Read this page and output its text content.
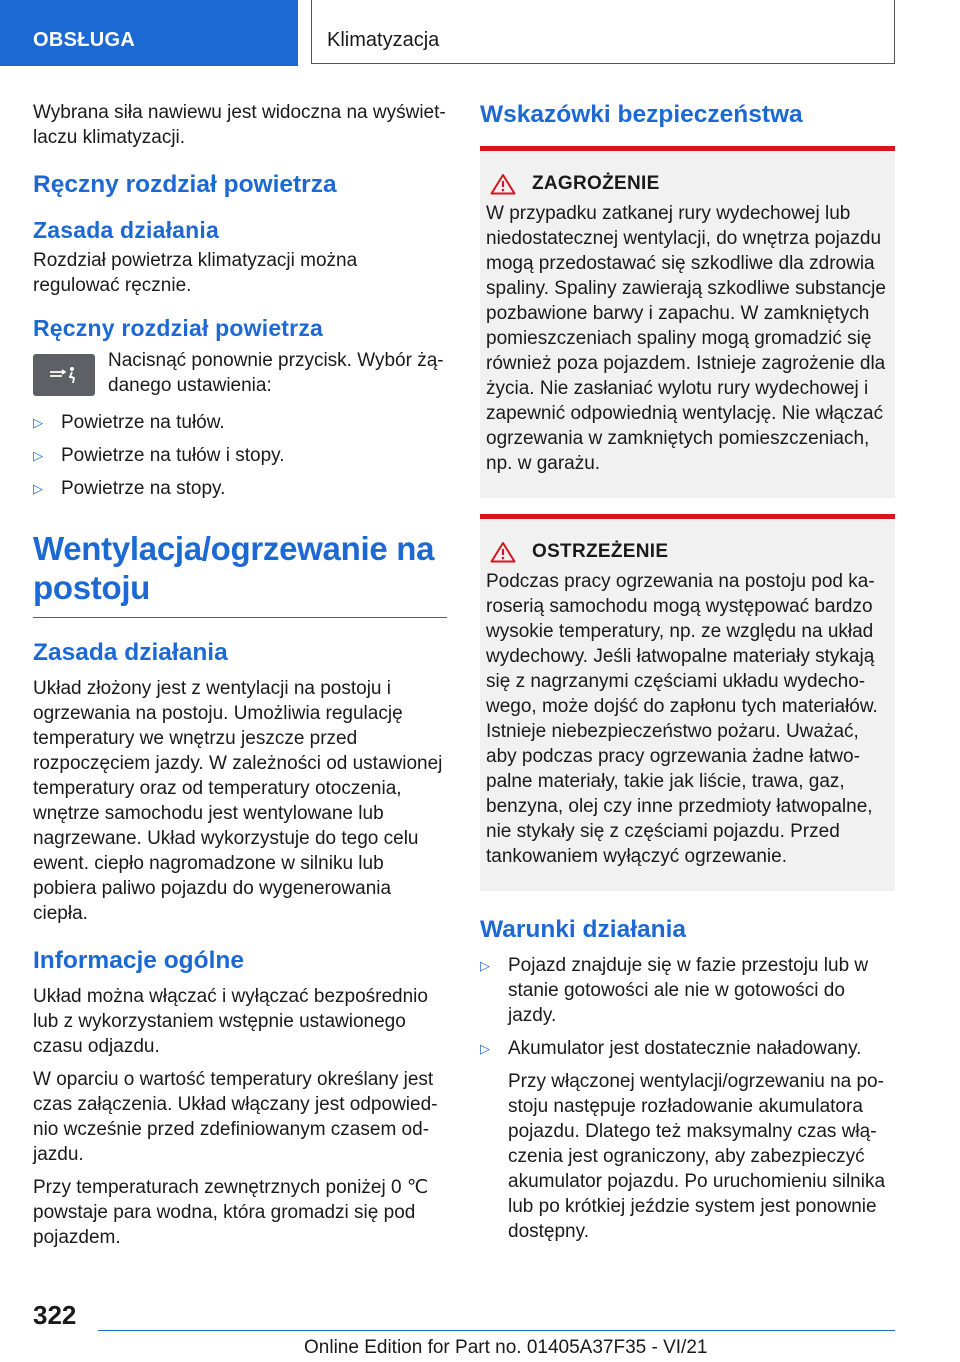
OBSŁUGA	Klimatyzacja

Wybrana siła nawiewu jest widoczna na wyświetlaczu klimatyzacji.

Ręczny rozdział powietrza
Zasada działania

Rozdział powietrza klimatyzacji można regulować ręcznie.

Ręczny rozdział powietrza

Nacisnąć ponownie przycisk. Wybór żądanego ustawienia:

▷ Powietrze na tułów.
▷ Powietrze na tułów i stopy.
▷ Powietrze na stopy.
Wentylacja/ogrzewanie na postoju
Zasada działania

Układ złożony jest z wentylacji na postoju i ogrzewania na postoju. Umożliwia regulację temperatury we wnętrzu jeszcze przed rozpoczęciem jazdy. W zależności od ustawionej temperatury oraz od temperatury otoczenia, wnętrze samochodu jest wentylowane lub nagrzewane. Układ wykorzystuje do tego celu ewent. ciepło nagromadzone w silniku lub pobiera paliwo pojazdu do wygenerowania ciepła.

Informacje ogólne

Układ można włączać i wyłączać bezpośrednio lub z wykorzystaniem wstępnie ustawionego czasu odjazdu.

W oparciu o wartość temperatury określany jest czas załączenia. Układ włączany jest odpowiednio wcześnie przed zdefiniowanym czasem odjazdu.

Przy temperaturach zewnętrznych poniżej 0 ℃ powstaje para wodna, która gromadzi się pod pojazdem.

Wskazówki bezpieczeństwa
ZAGROŻENIE

W przypadku zatkanej rury wydechowej lub niedostatecznej wentylacji, do wnętrza pojazdu mogą przedostawać się szkodliwe dla zdrowia spaliny. Spaliny zawierają szkodliwe substancje pozbawione barwy i zapachu. W zamkniętych pomieszczeniach spaliny mogą gromadzić się również poza pojazdem. Istnieje zagrożenie dla życia. Nie zasłaniać wylotu rury wydechowej i zapewnić odpowiednią wentylację. Nie włączać ogrzewania w zamkniętych pomieszczeniach, np. w garażu.

OSTRZEŻENIE

Podczas pracy ogrzewania na postoju pod karoserią samochodu mogą występować bardzo wysokie temperatury, np. ze względu na układ wydechowy. Jeśli łatwopalne materiały stykają się z nagrzanymi częściami układu wydechowego, może dojść do zapłonu tych materiałów. Istnieje niebezpieczeństwo pożaru. Uważać, aby podczas pracy ogrzewania żadne łatwopalne materiały, takie jak liście, trawa, gaz, benzyna, olej czy inne przedmioty łatwopalne, nie stykały się z częściami pojazdu. Przed tankowaniem wyłączyć ogrzewanie.

Warunki działania
▷ Pojazd znajduje się w fazie przestoju lub w stanie gotowości ale nie w gotowości do jazdy.
▷ Akumulator jest dostatecznie naładowany.
Przy włączonej wentylacji/ogrzewaniu na postoju następuje rozładowanie akumulatora pojazdu. Dlatego też maksymalny czas włączenia jest ograniczony, aby zabezpieczyć akumulator pojazdu. Po uruchomieniu silnika lub po krótkiej jeździe system jest ponownie dostępny.
322
Online Edition for Part no. 01405A37F35 - VI/21
